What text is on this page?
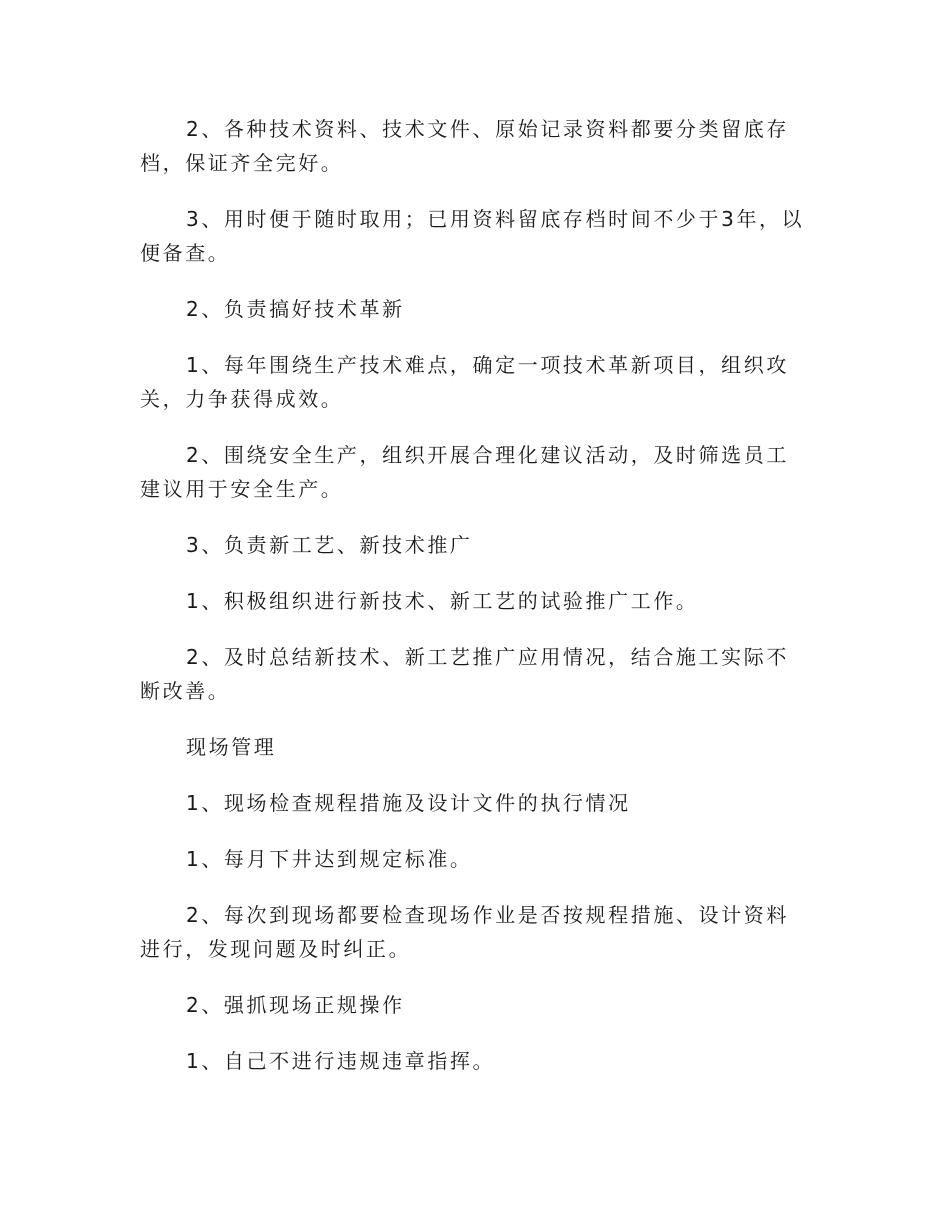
2、各种技术资料、技术文件、原始记录资料都要分类留底存档，保证齐全完好。

3、用时便于随时取用；已用资料留底存档时间不少于3年，以便备查。

2、负责搞好技术革新

1、每年围绕生产技术难点，确定一项技术革新项目，组织攻关，力争获得成效。

2、围绕安全生产，组织开展合理化建议活动，及时筛选员工建议用于安全生产。

3、负责新工艺、新技术推广

1、积极组织进行新技术、新工艺的试验推广工作。

2、及时总结新技术、新工艺推广应用情况，结合施工实际不断改善。

现场管理

1、现场检查规程措施及设计文件的执行情况

1、每月下井达到规定标准。

2、每次到现场都要检查现场作业是否按规程措施、设计资料进行，发现问题及时纠正。

2、强抓现场正规操作

1、自己不进行违规违章指挥。
